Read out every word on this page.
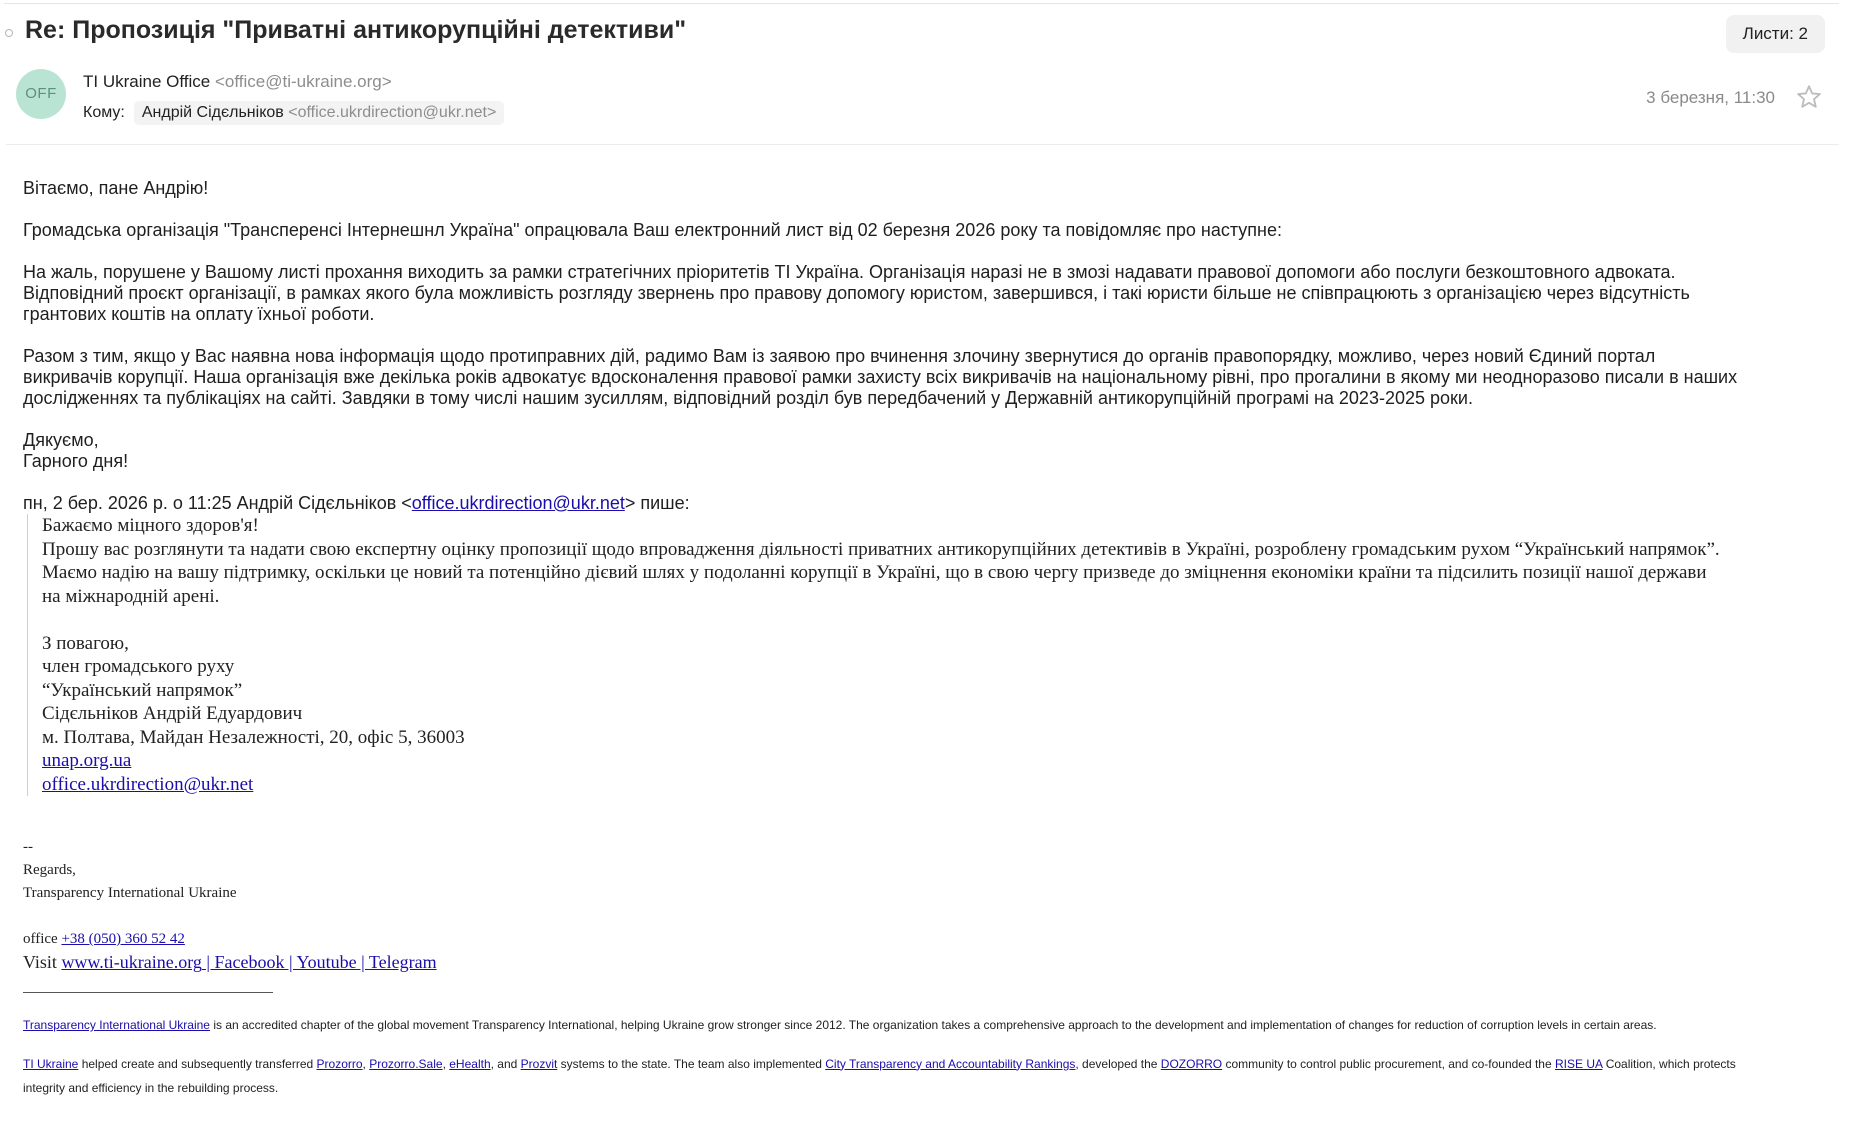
Re: Пропозиція "Приватні антикорупційні детективи"	Листи: 2
OFF
TI Ukraine Office <office@ti-ukraine.org>
Кому: Андрій Сідєльніков <office.ukrdirection@ukr.net>
3 березня, 11:30

Вітаємо, пане Андрію!

Громадська організація "Трансперенсі Інтернешнл Україна" опрацювала Ваш електронний лист від 02 березня 2026 року та повідомляє про наступне:

На жаль, порушене у Вашому листі прохання виходить за рамки стратегічних пріоритетів ТІ Україна. Організація наразі не в змозі надавати правової допомоги або послуги безкоштовного адвоката.

Відповідний проєкт організації, в рамках якого була можливість розгляду звернень про правову допомогу юристом, завершився, і такі юристи більше не співпрацюють з організацією через відсутність

грантових коштів на оплату їхньої роботи.

Разом з тим, якщо у Вас наявна нова інформація щодо протиправних дій, радимо Вам із заявою про вчинення злочину звернутися до органів правопорядку, можливо, через новий Єдиний портал

викривачів корупції. Наша організація вже декілька років адвокатує вдосконалення правової рамки захисту всіх викривачів на національному рівні, про прогалини в якому ми неодноразово писали в наших

дослідженнях та публікаціях на сайті. Завдяки в тому числі нашим зусиллям, відповідний розділ був передбачений у Державній антикорупційній програмі на 2023-2025 роки.

Дякуємо,

Гарного дня!

пн, 2 бер. 2026 р. о 11:25 Андрій Сідєльніков <office.ukrdirection@ukr.net> пише:

Бажаємо міцного здоров'я!
Прошу вас розглянути та надати свою експертну оцінку пропозиції щодо впровадження діяльності приватних антикорупційних детективів в Україні, розроблену громадським рухом “Український напрямок”.
Маємо надію на вашу підтримку, оскільки це новий та потенційно дієвий шлях у подоланні корупції в Україні, що в свою чергу призведе до зміцнення економіки країни та підсилить позиції нашої держави
на міжнародній арені.
З повагою,
член громадського руху
“Український напрямок”
Сідєльніков Андрій Едуардович
м. Полтава, Майдан Незалежності, 20, офіс 5, 36003
unap.org.ua
office.ukrdirection@ukr.net
--
Regards,
Transparency International Ukraine
office +38 (050) 360 52 42
Visit www.ti-ukraine.org | Facebook | Youtube | Telegram
Transparency International Ukraine is an accredited chapter of the global movement Transparency International, helping Ukraine grow stronger since 2012. The organization takes a comprehensive approach to the development and implementation of changes for reduction of corruption levels in certain areas.
TI Ukraine helped create and subsequently transferred Prozorro, Prozorro.Sale, eHealth, and Prozvit systems to the state. The team also implemented City Transparency and Accountability Rankings, developed the DOZORRO community to control public procurement, and co-founded the RISE UA Coalition, which protects
integrity and efficiency in the rebuilding process.
